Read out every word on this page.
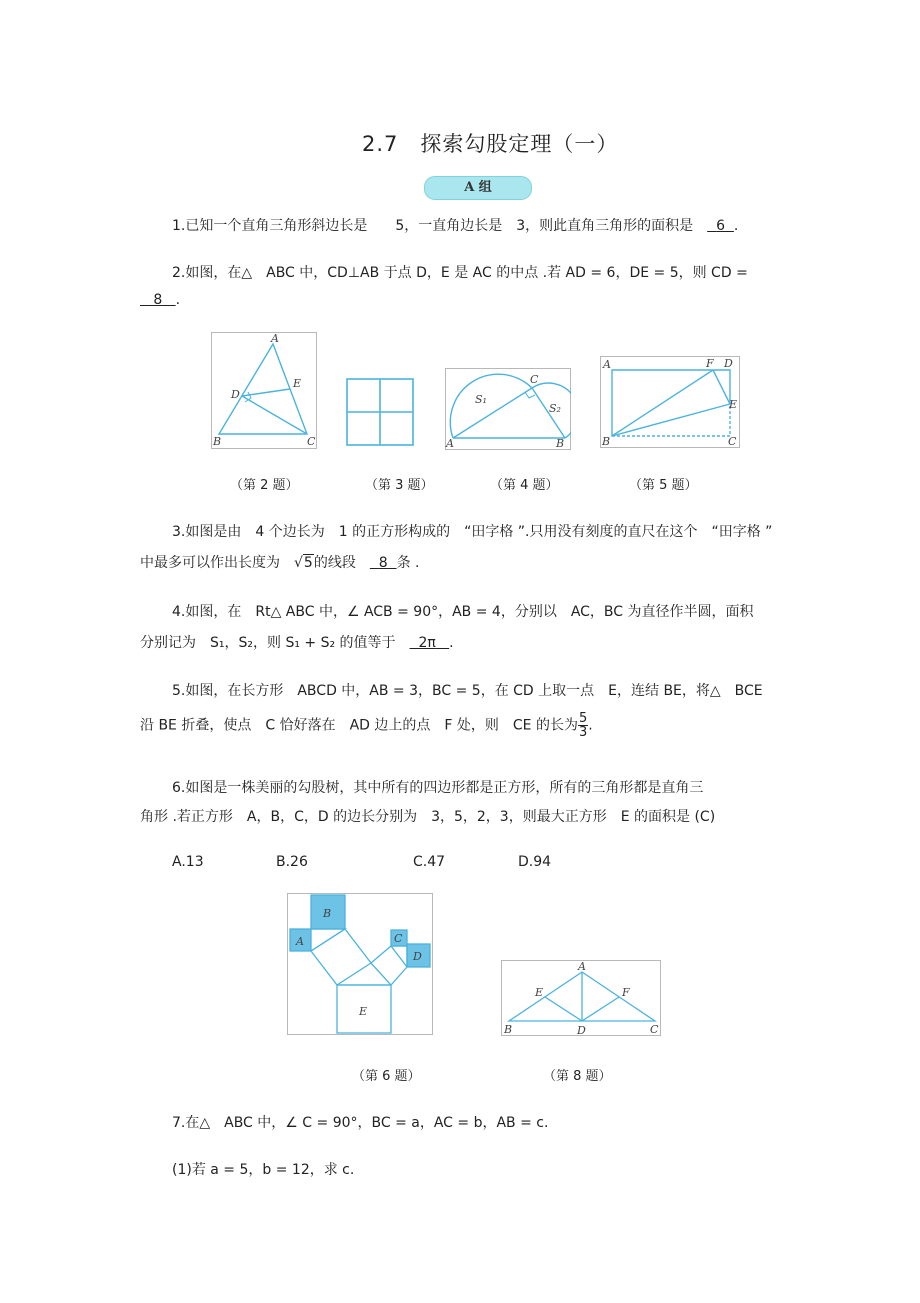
2.7　探索勾股定理（一）
A 组
1.已知一个直角三角形斜边长是　　5，一直角边长是　3，则此直角三角形的面积是　  6 .
2.如图，在△　ABC 中，CD⊥AB 于点 D，E 是 AC 的中点 .若 AD = 6，DE = 5，则 CD =
8 .
A
D
E
B	C
C
S₁
S₂
A	B
A	F D
E
B	C
（第 2 题）	（第 3 题）	（第 4 题）	（第 5 题）
3.如图是由　4 个边长为　1 的正方形构成的　“田字格 ”.只用没有刻度的直尺在这个　“田字格 ”
中最多可以作出长度为　√5的线段　  8 条 .
4.如图，在　Rt△ ABC 中，∠ ACB = 90°，AB = 4，分别以　AC，BC 为直径作半圆，面积
分别记为　S₁，S₂，则 S₁ + S₂ 的值等于　  2π .
5.如图，在长方形　ABCD 中，AB = 3，BC = 5，在 CD 上取一点　E，连结 BE，将△　BCE
沿 BE 折叠，使点　C 恰好落在　AD 边上的点　F 处，则　CE 的长为 $\frac{5}{3}$ .
6.如图是一株美丽的勾股树，其中所有的四边形都是正方形，所有的三角形都是直角三
角形 .若正方形　A，B，C，D 的边长分别为　3，5，2，3，则最大正方形　E 的面积是 (C)
A.13	B.26	C.47	D.94
B
A	C
D
E
A
E	F
B	D	C
（第 6 题）	（第 8 题）
7.在△　ABC 中，∠ C = 90°，BC = a，AC = b，AB = c.
(1)若 a = 5，b = 12，求 c.
